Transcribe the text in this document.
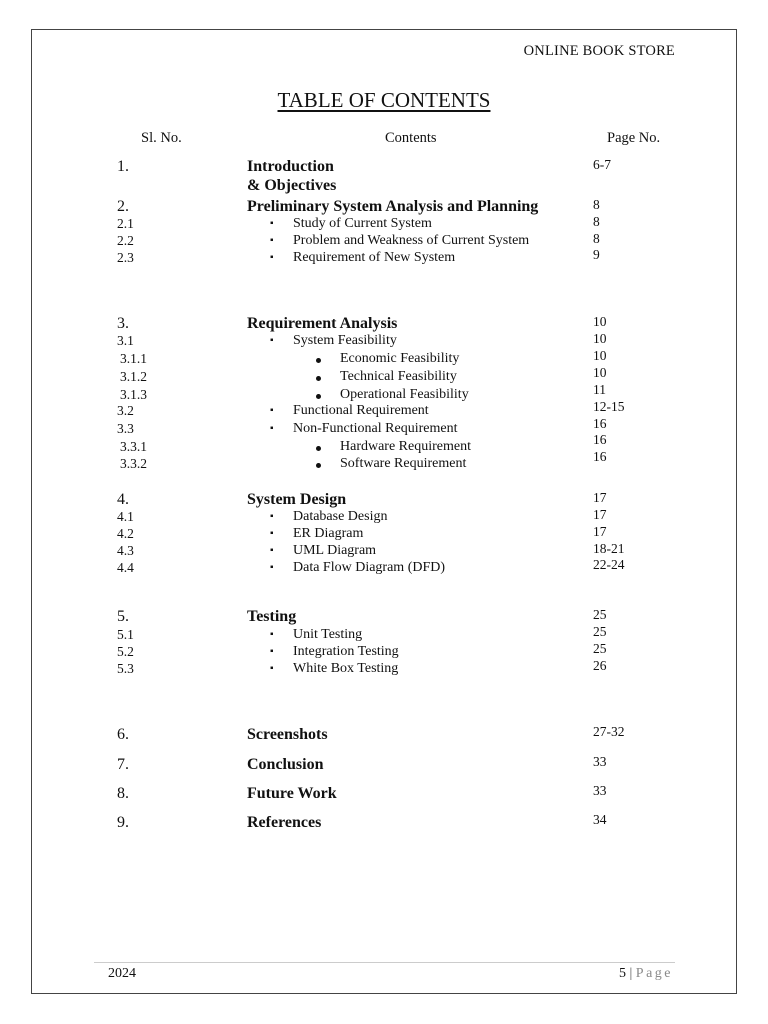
ONLINE BOOK STORE
TABLE OF CONTENTS
Sl. No.	Contents	Page No.
1.	Introduction	6-7
& Objectives
2.	Preliminary System Analysis and Planning	8
2.1	▪ Study of Current System	8
2.2	▪ Problem and Weakness of Current System	8
2.3	▪ Requirement of New System	9
3.	Requirement Analysis	10
3.1	▪ System Feasibility	10
3.1.1	Economic Feasibility	10
3.1.2	Technical Feasibility	10
3.1.3	Operational Feasibility	11
3.2	▪ Functional Requirement	12-15
3.3	▪ Non-Functional Requirement	16
3.3.1	Hardware Requirement	16
3.3.2	Software Requirement	16
4.	System Design	17
4.1	▪ Database Design	17
4.2	▪ ER Diagram	17
4.3	▪ UML Diagram	18-21
4.4	▪ Data Flow Diagram (DFD)	22-24
5.	Testing	25
5.1	▪ Unit Testing	25
5.2	▪ Integration Testing	25
5.3	▪ White Box Testing	26
6.	Screenshots	27-32
7.	Conclusion	33
8.	Future Work	33
9.	References	34
2024	5 | Page
